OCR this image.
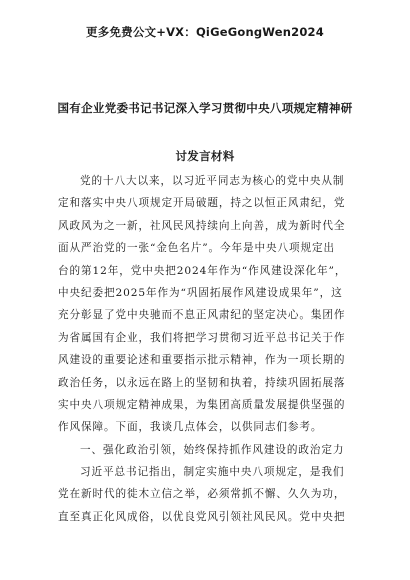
更多免费公文+VX：QiGeGongWen2024
国有企业党委书记书记深入学习贯彻中央八项规定精神研
讨发言材料
党的十八大以来，以习近平同志为核心的党中央从制
定和落实中央八项规定开局破题，持之以恒正风肃纪，党
风政风为之一新，社风民风持续向上向善，成为新时代全
面从严治党的一张“金色名片”。今年是中央八项规定出
台的第12年，党中央把2024年作为“作风建设深化年”，
中央纪委把2025年作为“巩固拓展作风建设成果年”，这
充分彰显了党中央驰而不息正风肃纪的坚定决心。集团作
为省属国有企业，我们将把学习贯彻习近平总书记关于作
风建设的重要论述和重要指示批示精神，作为一项长期的
政治任务，以永远在路上的坚韧和执着，持续巩固拓展落
实中央八项规定精神成果，为集团高质量发展提供坚强的
作风保障。下面，我谈几点体会，以供同志们参考。
一、强化政治引领，始终保持抓作风建设的政治定力
习近平总书记指出，制定实施中央八项规定，是我们
党在新时代的徙木立信之举，必须常抓不懈、久久为功，
直至真正化风成俗，以优良党风引领社风民风。党中央把
